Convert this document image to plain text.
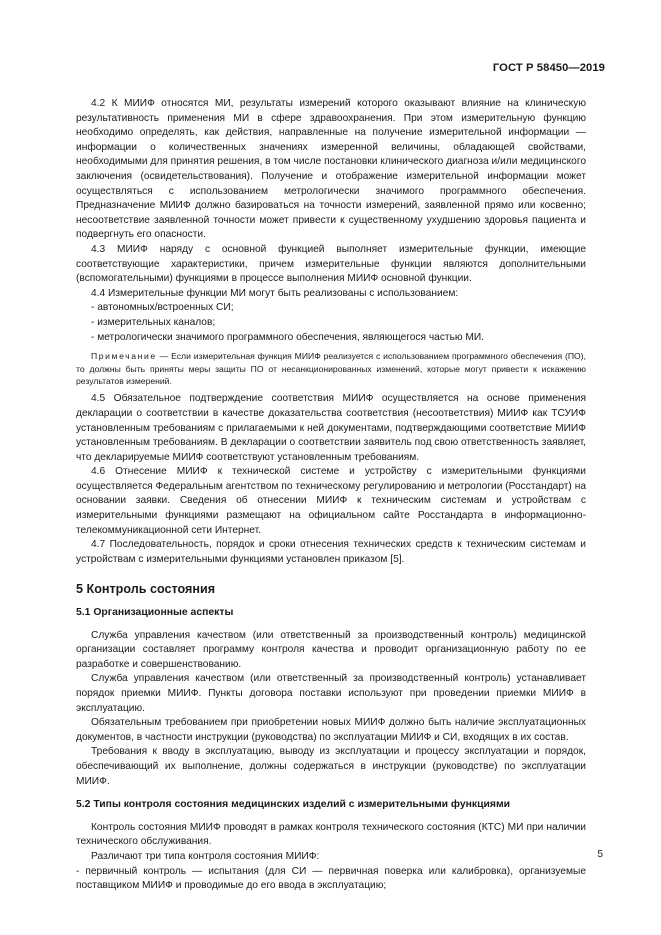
ГОСТ Р 58450—2019

4.2 К МИИФ относятся МИ, результаты измерений которого оказывают влияние на клиническую результативность применения МИ в сфере здравоохранения. При этом измерительную функцию необходимо определять, как действия, направленные на получение измерительной информации — информации о количественных значениях измеренной величины, обладающей свойствами, необходимыми для принятия решения, в том числе постановки клинического диагноза и/или медицинского заключения (освидетельствования). Получение и отображение измерительной информации может осуществляться с использованием метрологически значимого программного обеспечения. Предназначение МИИФ должно базироваться на точности измерений, заявленной прямо или косвенно; несоответствие заявленной точности может привести к существенному ухудшению здоровья пациента и подвергнуть его опасности.

4.3 МИИФ наряду с основной функцией выполняет измерительные функции, имеющие соответствующие характеристики, причем измерительные функции являются дополнительными (вспомогательными) функциями в процессе выполнения МИИФ основной функции.

4.4 Измерительные функции МИ могут быть реализованы с использованием:

- автономных/встроенных СИ;

- измерительных каналов;

- метрологически значимого программного обеспечения, являющегося частью МИ.

Примечание — Если измерительная функция МИИФ реализуется с использованием программного обеспечения (ПО), то должны быть приняты меры защиты ПО от несанкционированных изменений, которые могут привести к искажению результатов измерений.

4.5 Обязательное подтверждение соответствия МИИФ осуществляется на основе применения декларации о соответствии в качестве доказательства соответствия (несоответствия) МИИФ как ТСУИФ установленным требованиям с прилагаемыми к ней документами, подтверждающими соответствие МИИФ установленным требованиям. В декларации о соответствии заявитель под свою ответственность заявляет, что декларируемые МИИФ соответствуют установленным требованиям.

4.6 Отнесение МИИФ к технической системе и устройству с измерительными функциями осуществляется Федеральным агентством по техническому регулированию и метрологии (Росстандарт) на основании заявки. Сведения об отнесении МИИФ к техническим системам и устройствам с измерительными функциями размещают на официальном сайте Росстандарта в информационно-телекоммуникационной сети Интернет.

4.7 Последовательность, порядок и сроки отнесения технических средств к техническим системам и устройствам с измерительными функциями установлен приказом [5].

5 Контроль состояния
5.1 Организационные аспекты

Служба управления качеством (или ответственный за производственный контроль) медицинской организации составляет программу контроля качества и проводит организационную работу по ее разработке и совершенствованию.

Служба управления качеством (или ответственный за производственный контроль) устанавливает порядок приемки МИИФ. Пункты договора поставки используют при проведении приемки МИИФ в эксплуатацию.

Обязательным требованием при приобретении новых МИИФ должно быть наличие эксплуатационных документов, в частности инструкции (руководства) по эксплуатации МИИФ и СИ, входящих в их состав.

Требования к вводу в эксплуатацию, выводу из эксплуатации и процессу эксплуатации и порядок, обеспечивающий их выполнение, должны содержаться в инструкции (руководстве) по эксплуатации МИИФ.

5.2 Типы контроля состояния медицинских изделий с измерительными функциями

Контроль состояния МИИФ проводят в рамках контроля технического состояния (КТС) МИ при наличии технического обслуживания.

Различают три типа контроля состояния МИИФ:

- первичный контроль — испытания (для СИ — первичная поверка или калибровка), организуемые поставщиком МИИФ и проводимые до его ввода в эксплуатацию;

5
